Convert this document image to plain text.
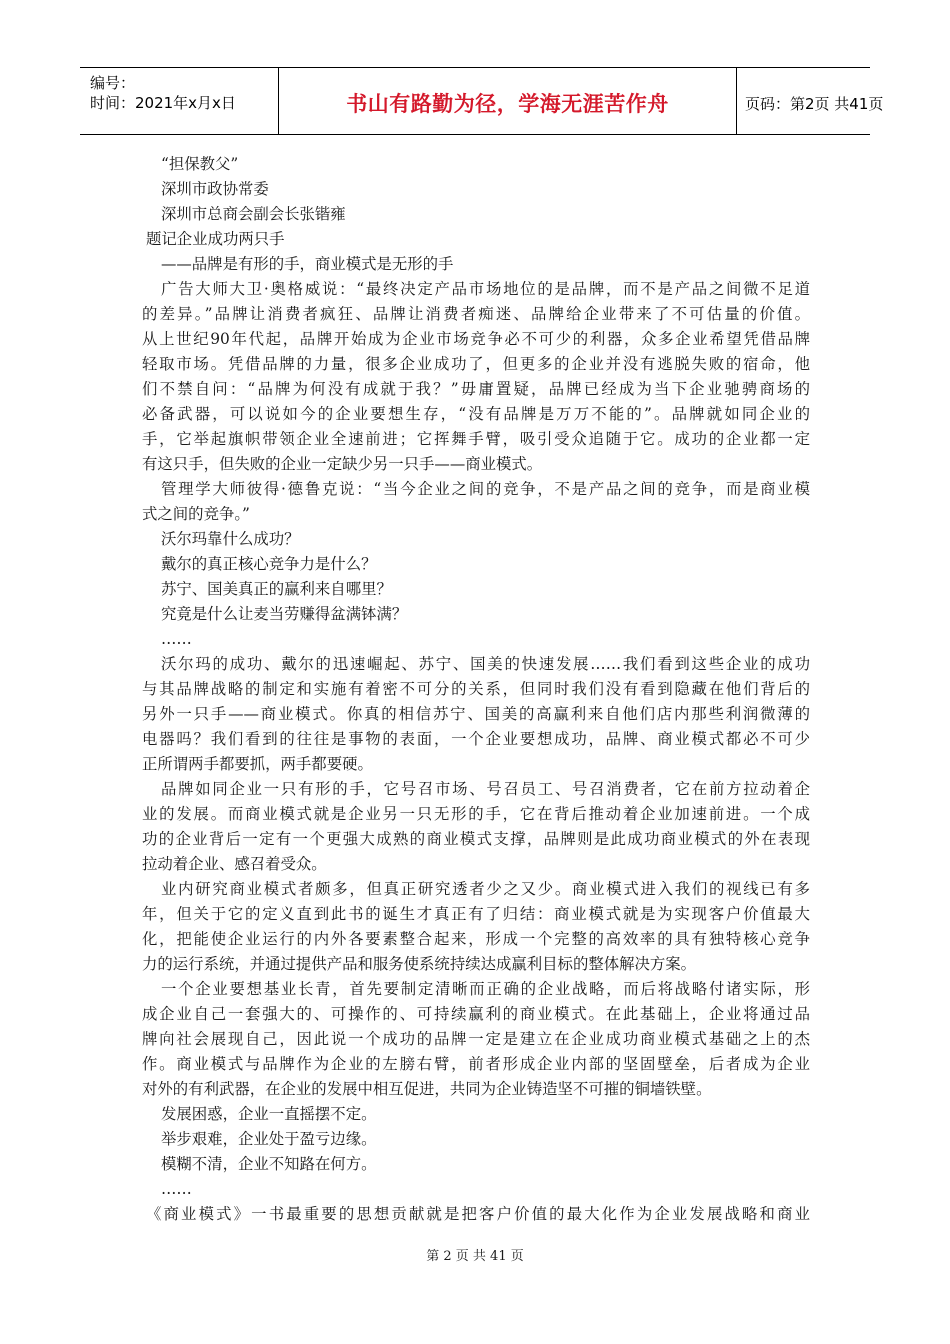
编号：
时间：2021年x月x日	书山有路勤为径，学海无涯苦作舟	页码：第2页 共41页
“担保教父”
深圳市政协常委
深圳市总商会副会长张锴雍
题记企业成功两只手
——品牌是有形的手，商业模式是无形的手
广告大师大卫·奥格威说：“最终决定产品市场地位的是品牌，而不是产品之间微不足道
的差异。”品牌让消费者疯狂、品牌让消费者痴迷、品牌给企业带来了不可估量的价值。
从上世纪90年代起，品牌开始成为企业市场竞争必不可少的利器，众多企业希望凭借品牌
轻取市场。凭借品牌的力量，很多企业成功了，但更多的企业并没有逃脱失败的宿命，他
们不禁自问：“品牌为何没有成就于我？”毋庸置疑，品牌已经成为当下企业驰骋商场的
必备武器，可以说如今的企业要想生存，“没有品牌是万万不能的”。品牌就如同企业的
手，它举起旗帜带领企业全速前进；它挥舞手臂，吸引受众追随于它。成功的企业都一定
有这只手，但失败的企业一定缺少另一只手——商业模式。
管理学大师彼得·德鲁克说：“当今企业之间的竞争，不是产品之间的竞争，而是商业模
式之间的竞争。”
沃尔玛靠什么成功？
戴尔的真正核心竞争力是什么？
苏宁、国美真正的赢利来自哪里？
究竟是什么让麦当劳赚得盆满钵满？
……
沃尔玛的成功、戴尔的迅速崛起、苏宁、国美的快速发展……我们看到这些企业的成功
与其品牌战略的制定和实施有着密不可分的关系，但同时我们没有看到隐藏在他们背后的
另外一只手——商业模式。你真的相信苏宁、国美的高赢利来自他们店内那些利润微薄的
电器吗？我们看到的往往是事物的表面，一个企业要想成功，品牌、商业模式都必不可少
正所谓两手都要抓，两手都要硬。
品牌如同企业一只有形的手，它号召市场、号召员工、号召消费者，它在前方拉动着企
业的发展。而商业模式就是企业另一只无形的手，它在背后推动着企业加速前进。一个成
功的企业背后一定有一个更强大成熟的商业模式支撑，品牌则是此成功商业模式的外在表现
拉动着企业、感召着受众。
业内研究商业模式者颇多，但真正研究透者少之又少。商业模式进入我们的视线已有多
年，但关于它的定义直到此书的诞生才真正有了归结：商业模式就是为实现客户价值最大
化，把能使企业运行的内外各要素整合起来，形成一个完整的高效率的具有独特核心竞争
力的运行系统，并通过提供产品和服务使系统持续达成赢利目标的整体解决方案。
一个企业要想基业长青，首先要制定清晰而正确的企业战略，而后将战略付诸实际，形
成企业自己一套强大的、可操作的、可持续赢利的商业模式。在此基础上，企业将通过品
牌向社会展现自己，因此说一个成功的品牌一定是建立在企业成功商业模式基础之上的杰
作。商业模式与品牌作为企业的左膀右臂，前者形成企业内部的坚固壁垒，后者成为企业
对外的有利武器，在企业的发展中相互促进，共同为企业铸造坚不可摧的铜墙铁壁。
发展困惑，企业一直摇摆不定。
举步艰难，企业处于盈亏边缘。
模糊不清，企业不知路在何方。
……
《商业模式》一书最重要的思想贡献就是把客户价值的最大化作为企业发展战略和商业
第 2 页 共 41 页
